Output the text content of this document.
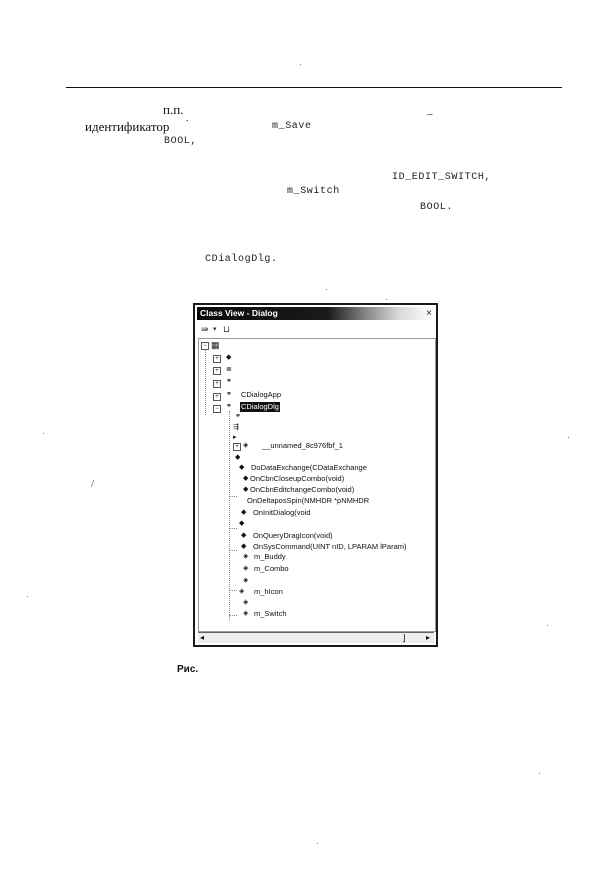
/
п.п.	_
идентификатор
.
m_Save
BOOL,
ID_EDIT_SWITCH,
m_Switch
BOOL.
CDialogDlg.
Class View - Dialog	×
⇛ ▾ ⊔
− ▦
+	◆
+	≣
+	⚭
+	⚭ CDialogApp
−	⚭ CDialogDlg
⚭
⇶
▸
+ ◈ __unnamed_8c976fbf_1
◆
◆ DoDataExchange(CDataExchange
◆ OnCbnCloseupCombo(void)
◆ OnCbnEditchangeCombo(void)
OnDeltaposSpin(NMHDR *pNMHDR
◆ OnInitDialog(void
◆
◆ OnQueryDragIcon(void)
◆ OnSysCommand(UINT nID, LPARAM lParam)
◈ m_Buddy
◈ m_Combo
◈
◈ m_hIcon
◈
◈ m_Switch
◂	⌋	▸
Рис.
